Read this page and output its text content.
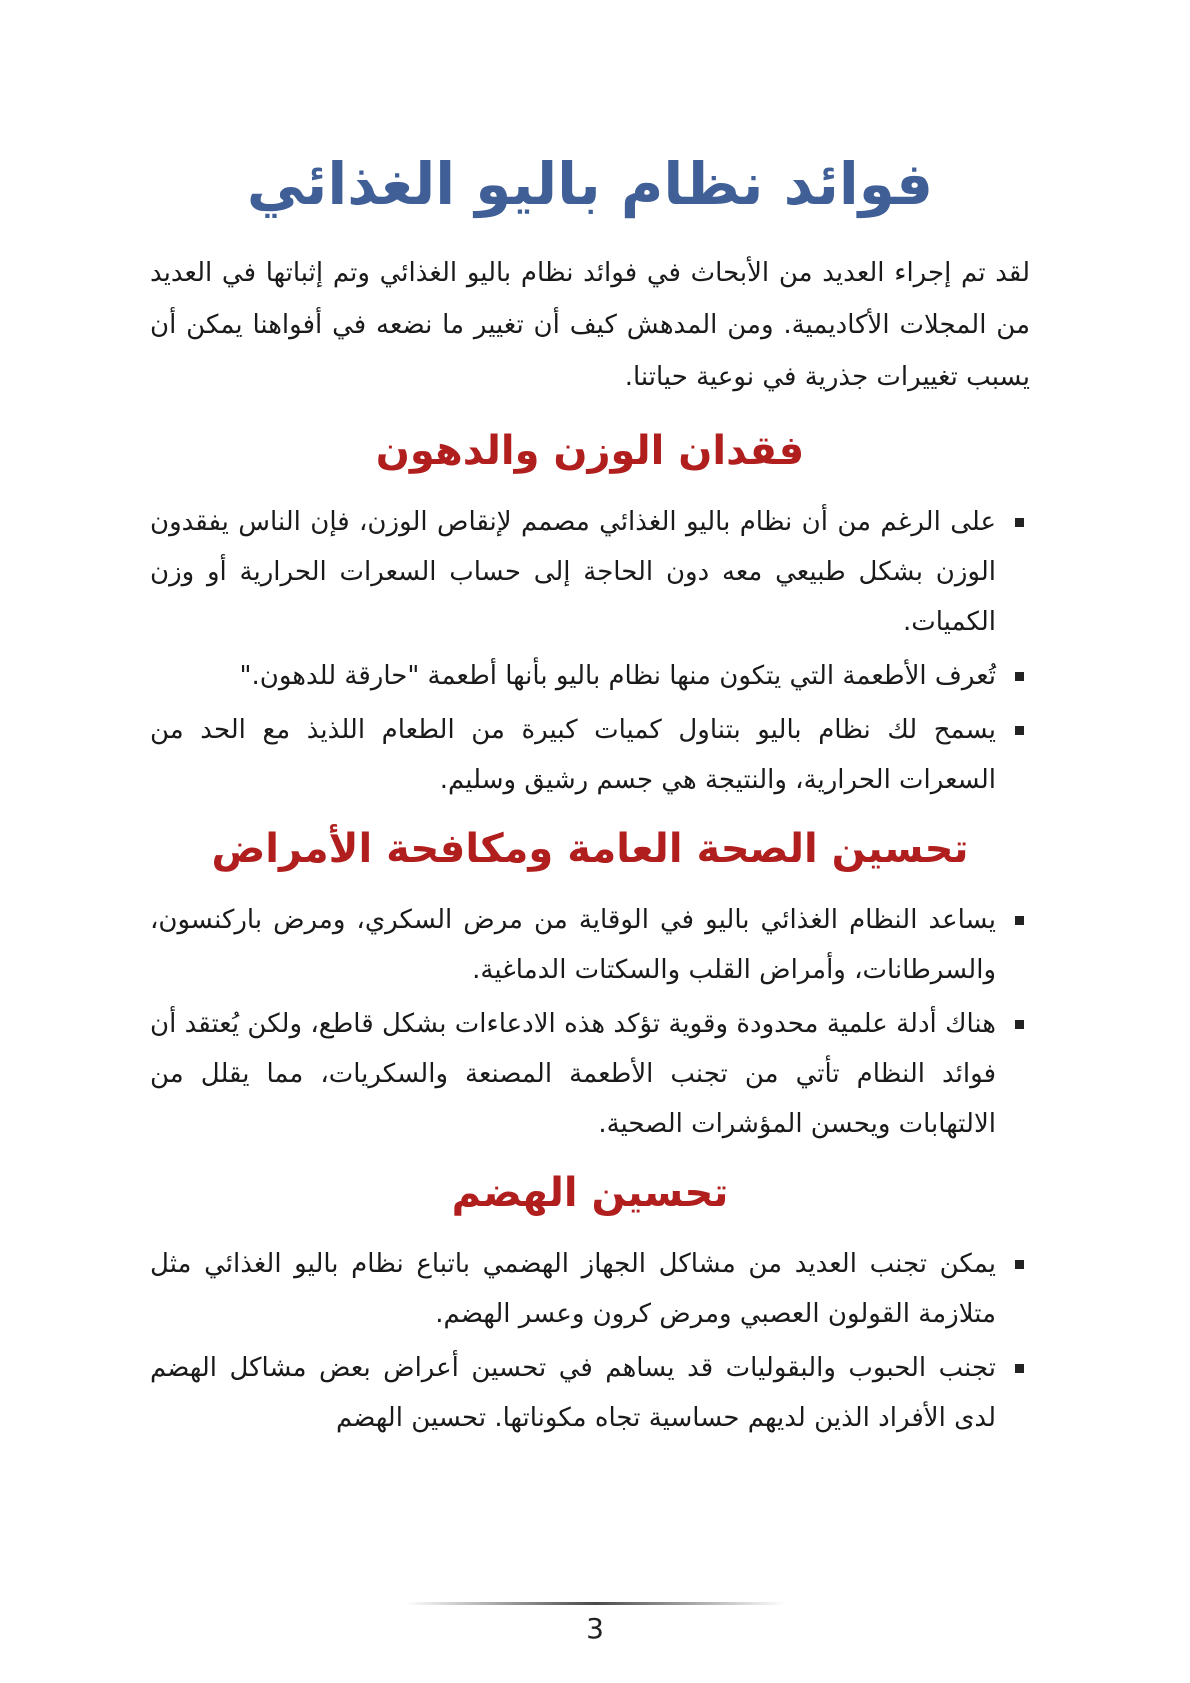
فوائد نظام باليو الغذائي

لقد تم إجراء العديد من الأبحاث في فوائد نظام باليو الغذائي وتم إثباتها في العديد من المجلات الأكاديمية. ومن المدهش كيف أن تغيير ما نضعه في أفواهنا يمكن أن يسبب تغييرات جذرية في نوعية حياتنا.

فقدان الوزن والدهون
على الرغم من أن نظام باليو الغذائي مصمم لإنقاص الوزن، فإن الناس يفقدون الوزن بشكل طبيعي معه دون الحاجة إلى حساب السعرات الحرارية أو وزن الكميات.
تُعرف الأطعمة التي يتكون منها نظام باليو بأنها أطعمة "حارقة للدهون."
يسمح لك نظام باليو بتناول كميات كبيرة من الطعام اللذيذ مع الحد من السعرات الحرارية، والنتيجة هي جسم رشيق وسليم.
تحسين الصحة العامة ومكافحة الأمراض
يساعد النظام الغذائي باليو في الوقاية من مرض السكري، ومرض باركنسون، والسرطانات، وأمراض القلب والسكتات الدماغية.
هناك أدلة علمية محدودة وقوية تؤكد هذه الادعاءات بشكل قاطع، ولكن يُعتقد أن فوائد النظام تأتي من تجنب الأطعمة المصنعة والسكريات، مما يقلل من الالتهابات ويحسن المؤشرات الصحية.
تحسين الهضم
يمكن تجنب العديد من مشاكل الجهاز الهضمي باتباع نظام باليو الغذائي مثل متلازمة القولون العصبي ومرض كرون وعسر الهضم.
تجنب الحبوب والبقوليات قد يساهم في تحسين أعراض بعض مشاكل الهضم لدى الأفراد الذين لديهم حساسية تجاه مكوناتها. تحسين الهضم
3
